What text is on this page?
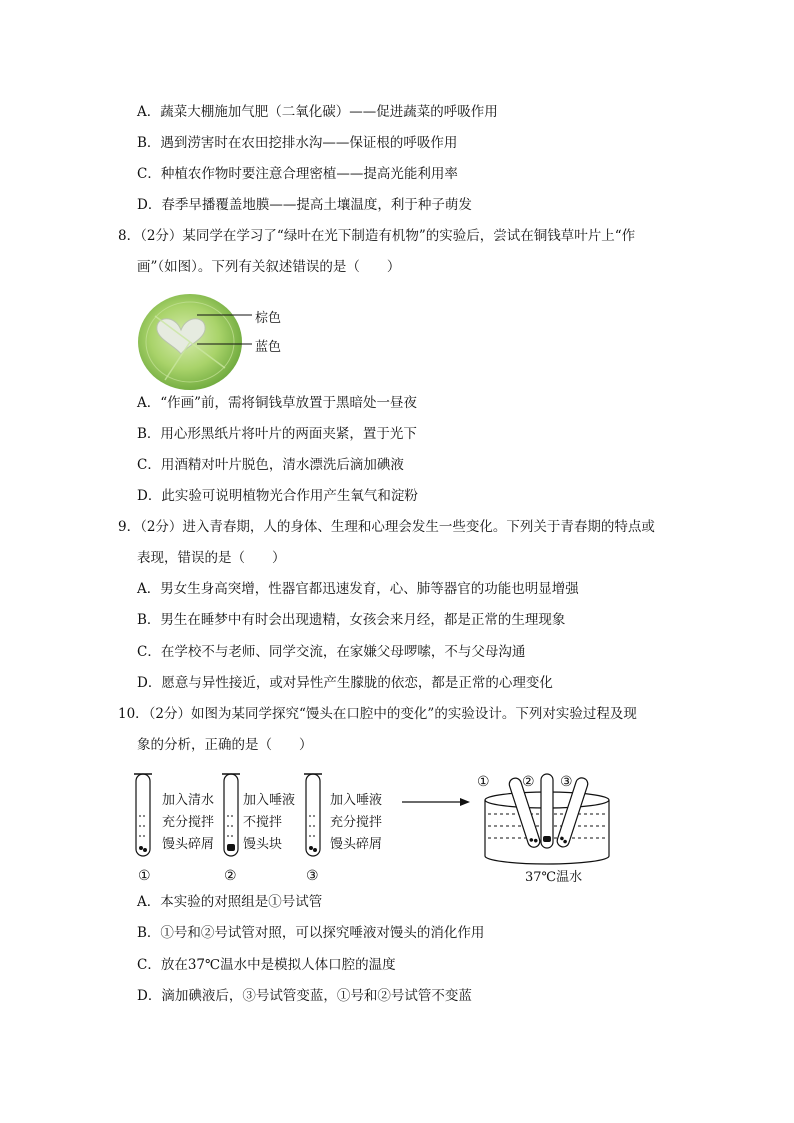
A．蔬菜大棚施加气肥（二氧化碳）——促进蔬菜的呼吸作用
B．遇到涝害时在农田挖排水沟——保证根的呼吸作用
C．种植农作物时要注意合理密植——提高光能利用率
D．春季早播覆盖地膜——提高土壤温度，利于种子萌发
8．（2分）某同学在学习了“绿叶在光下制造有机物”的实验后，尝试在铜钱草叶片上“作
画”（如图）。下列有关叙述错误的是（　　）
棕色
蓝色
A．“作画”前，需将铜钱草放置于黑暗处一昼夜
B．用心形黑纸片将叶片的两面夹紧，置于光下
C．用酒精对叶片脱色，清水漂洗后滴加碘液
D．此实验可说明植物光合作用产生氧气和淀粉
9．（2分）进入青春期，人的身体、生理和心理会发生一些变化。下列关于青春期的特点或
表现，错误的是（　　）
A．男女生身高突增，性器官都迅速发育，心、肺等器官的功能也明显增强
B．男生在睡梦中有时会出现遗精，女孩会来月经，都是正常的生理现象
C．在学校不与老师、同学交流，在家嫌父母啰嗦，不与父母沟通
D．愿意与异性接近，或对异性产生朦胧的依恋，都是正常的心理变化
10．（2分）如图为某同学探究“馒头在口腔中的变化”的实验设计。下列对实验过程及现
象的分析，正确的是（　　）
加入清水
充分搅拌
馒头碎屑
加入唾液
不搅拌
馒头块
加入唾液
充分搅拌
馒头碎屑
①	②	③
① ② ③
37℃温水
A．本实验的对照组是①号试管
B．①号和②号试管对照，可以探究唾液对馒头的消化作用
C．放在37℃温水中是模拟人体口腔的温度
D．滴加碘液后，③号试管变蓝，①号和②号试管不变蓝
